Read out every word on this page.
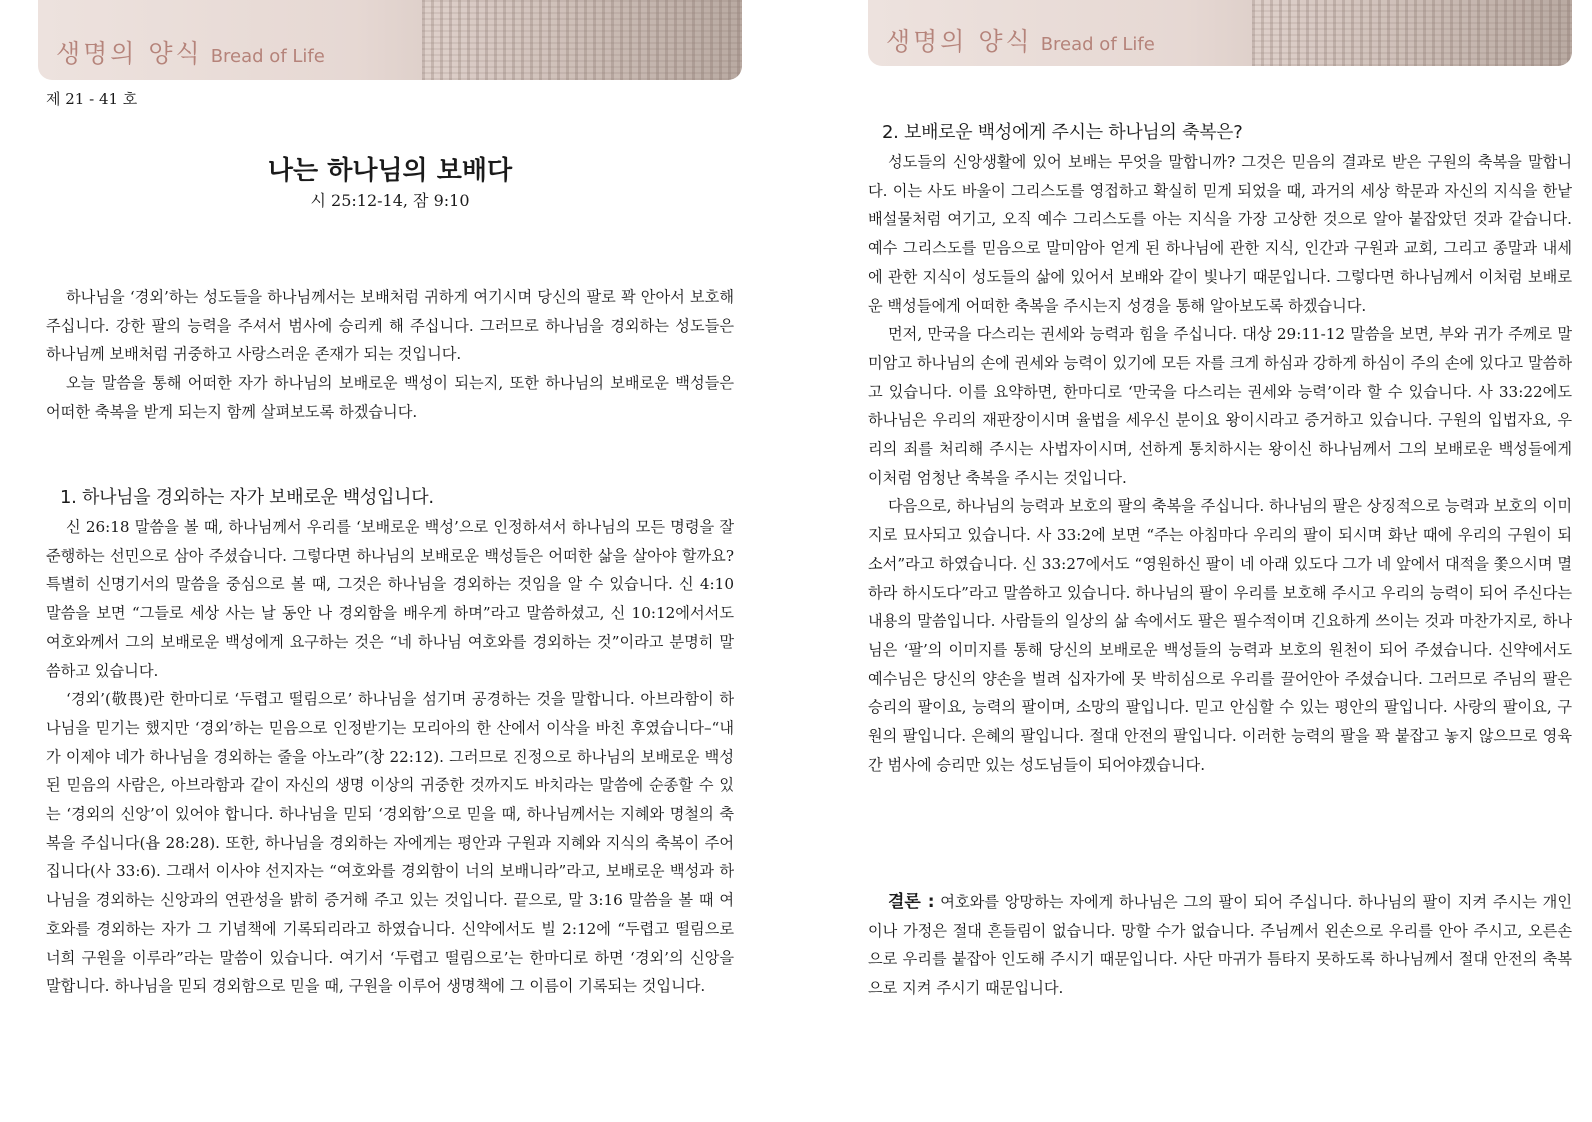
생명의 양식 Bread of Life
제 21 - 41 호
나는 하나님의 보배다
시 25:12-14, 잠 9:10

하나님을 ‘경외’하는 성도들을 하나님께서는 보배처럼 귀하게 여기시며 당신의 팔로 꽉 안아서 보호해 주십니다. 강한 팔의 능력을 주셔서 범사에 승리케 해 주십니다. 그러므로 하나님을 경외하는 성도들은 하나님께 보배처럼 귀중하고 사랑스러운 존재가 되는 것입니다.

오늘 말씀을 통해 어떠한 자가 하나님의 보배로운 백성이 되는지, 또한 하나님의 보배로운 백성들은 어떠한 축복을 받게 되는지 함께 살펴보도록 하겠습니다.

1. 하나님을 경외하는 자가 보배로운 백성입니다.

신 26:18 말씀을 볼 때, 하나님께서 우리를 ‘보배로운 백성’으로 인정하셔서 하나님의 모든 명령을 잘 준행하는 선민으로 삼아 주셨습니다. 그렇다면 하나님의 보배로운 백성들은 어떠한 삶을 살아야 할까요? 특별히 신명기서의 말씀을 중심으로 볼 때, 그것은 하나님을 경외하는 것임을 알 수 있습니다. 신 4:10 말씀을 보면 “그들로 세상 사는 날 동안 나 경외함을 배우게 하며”라고 말씀하셨고, 신 10:12에서서도 여호와께서 그의 보배로운 백성에게 요구하는 것은 “네 하나님 여호와를 경외하는 것”이라고 분명히 말씀하고 있습니다.

‘경외’(敬畏)란 한마디로 ‘두렵고 떨림으로’ 하나님을 섬기며 공경하는 것을 말합니다. 아브라함이 하나님을 믿기는 했지만 ‘경외’하는 믿음으로 인정받기는 모리아의 한 산에서 이삭을 바친 후였습니다–“내가 이제야 네가 하나님을 경외하는 줄을 아노라”(창 22:12). 그러므로 진정으로 하나님의 보배로운 백성 된 믿음의 사람은, 아브라함과 같이 자신의 생명 이상의 귀중한 것까지도 바치라는 말씀에 순종할 수 있는 ‘경외의 신앙’이 있어야 합니다. 하나님을 믿되 ‘경외함’으로 믿을 때, 하나님께서는 지혜와 명철의 축복을 주십니다(욥 28:28). 또한, 하나님을 경외하는 자에게는 평안과 구원과 지혜와 지식의 축복이 주어집니다(사 33:6). 그래서 이사야 선지자는 “여호와를 경외함이 너의 보배니라”라고, 보배로운 백성과 하나님을 경외하는 신앙과의 연관성을 밝히 증거해 주고 있는 것입니다. 끝으로, 말 3:16 말씀을 볼 때 여호와를 경외하는 자가 그 기념책에 기록되리라고 하였습니다. 신약에서도 빌 2:12에 “두렵고 떨림으로 너희 구원을 이루라”라는 말씀이 있습니다. 여기서 ‘두렵고 떨림으로’는 한마디로 하면 ‘경외’의 신앙을 말합니다. 하나님을 믿되 경외함으로 믿을 때, 구원을 이루어 생명책에 그 이름이 기록되는 것입니다.

생명의 양식 Bread of Life
2. 보배로운 백성에게 주시는 하나님의 축복은?

성도들의 신앙생활에 있어 보배는 무엇을 말합니까? 그것은 믿음의 결과로 받은 구원의 축복을 말합니다. 이는 사도 바울이 그리스도를 영접하고 확실히 믿게 되었을 때, 과거의 세상 학문과 자신의 지식을 한낱 배설물처럼 여기고, 오직 예수 그리스도를 아는 지식을 가장 고상한 것으로 알아 붙잡았던 것과 같습니다. 예수 그리스도를 믿음으로 말미암아 얻게 된 하나님에 관한 지식, 인간과 구원과 교회, 그리고 종말과 내세에 관한 지식이 성도들의 삶에 있어서 보배와 같이 빛나기 때문입니다. 그렇다면 하나님께서 이처럼 보배로운 백성들에게 어떠한 축복을 주시는지 성경을 통해 알아보도록 하겠습니다.

먼저, 만국을 다스리는 권세와 능력과 힘을 주십니다. 대상 29:11-12 말씀을 보면, 부와 귀가 주께로 말미암고 하나님의 손에 권세와 능력이 있기에 모든 자를 크게 하심과 강하게 하심이 주의 손에 있다고 말씀하고 있습니다. 이를 요약하면, 한마디로 ‘만국을 다스리는 권세와 능력’이라 할 수 있습니다. 사 33:22에도 하나님은 우리의 재판장이시며 율법을 세우신 분이요 왕이시라고 증거하고 있습니다. 구원의 입법자요, 우리의 죄를 처리해 주시는 사법자이시며, 선하게 통치하시는 왕이신 하나님께서 그의 보배로운 백성들에게 이처럼 엄청난 축복을 주시는 것입니다.

다음으로, 하나님의 능력과 보호의 팔의 축복을 주십니다. 하나님의 팔은 상징적으로 능력과 보호의 이미지로 묘사되고 있습니다. 사 33:2에 보면 “주는 아침마다 우리의 팔이 되시며 화난 때에 우리의 구원이 되소서”라고 하였습니다. 신 33:27에서도 “영원하신 팔이 네 아래 있도다 그가 네 앞에서 대적을 쫓으시며 멸하라 하시도다”라고 말씀하고 있습니다. 하나님의 팔이 우리를 보호해 주시고 우리의 능력이 되어 주신다는 내용의 말씀입니다. 사람들의 일상의 삶 속에서도 팔은 필수적이며 긴요하게 쓰이는 것과 마찬가지로, 하나님은 ‘팔’의 이미지를 통해 당신의 보배로운 백성들의 능력과 보호의 원천이 되어 주셨습니다. 신약에서도 예수님은 당신의 양손을 벌려 십자가에 못 박히심으로 우리를 끌어안아 주셨습니다. 그러므로 주님의 팔은 승리의 팔이요, 능력의 팔이며, 소망의 팔입니다. 믿고 안심할 수 있는 평안의 팔입니다. 사랑의 팔이요, 구원의 팔입니다. 은혜의 팔입니다. 절대 안전의 팔입니다. 이러한 능력의 팔을 꽉 붙잡고 놓지 않으므로 영육 간 범사에 승리만 있는 성도님들이 되어야겠습니다.

결론 : 여호와를 앙망하는 자에게 하나님은 그의 팔이 되어 주십니다. 하나님의 팔이 지켜 주시는 개인이나 가정은 절대 흔들림이 없습니다. 망할 수가 없습니다. 주님께서 왼손으로 우리를 안아 주시고, 오른손으로 우리를 붙잡아 인도해 주시기 때문입니다. 사단 마귀가 틈타지 못하도록 하나님께서 절대 안전의 축복으로 지켜 주시기 때문입니다.
